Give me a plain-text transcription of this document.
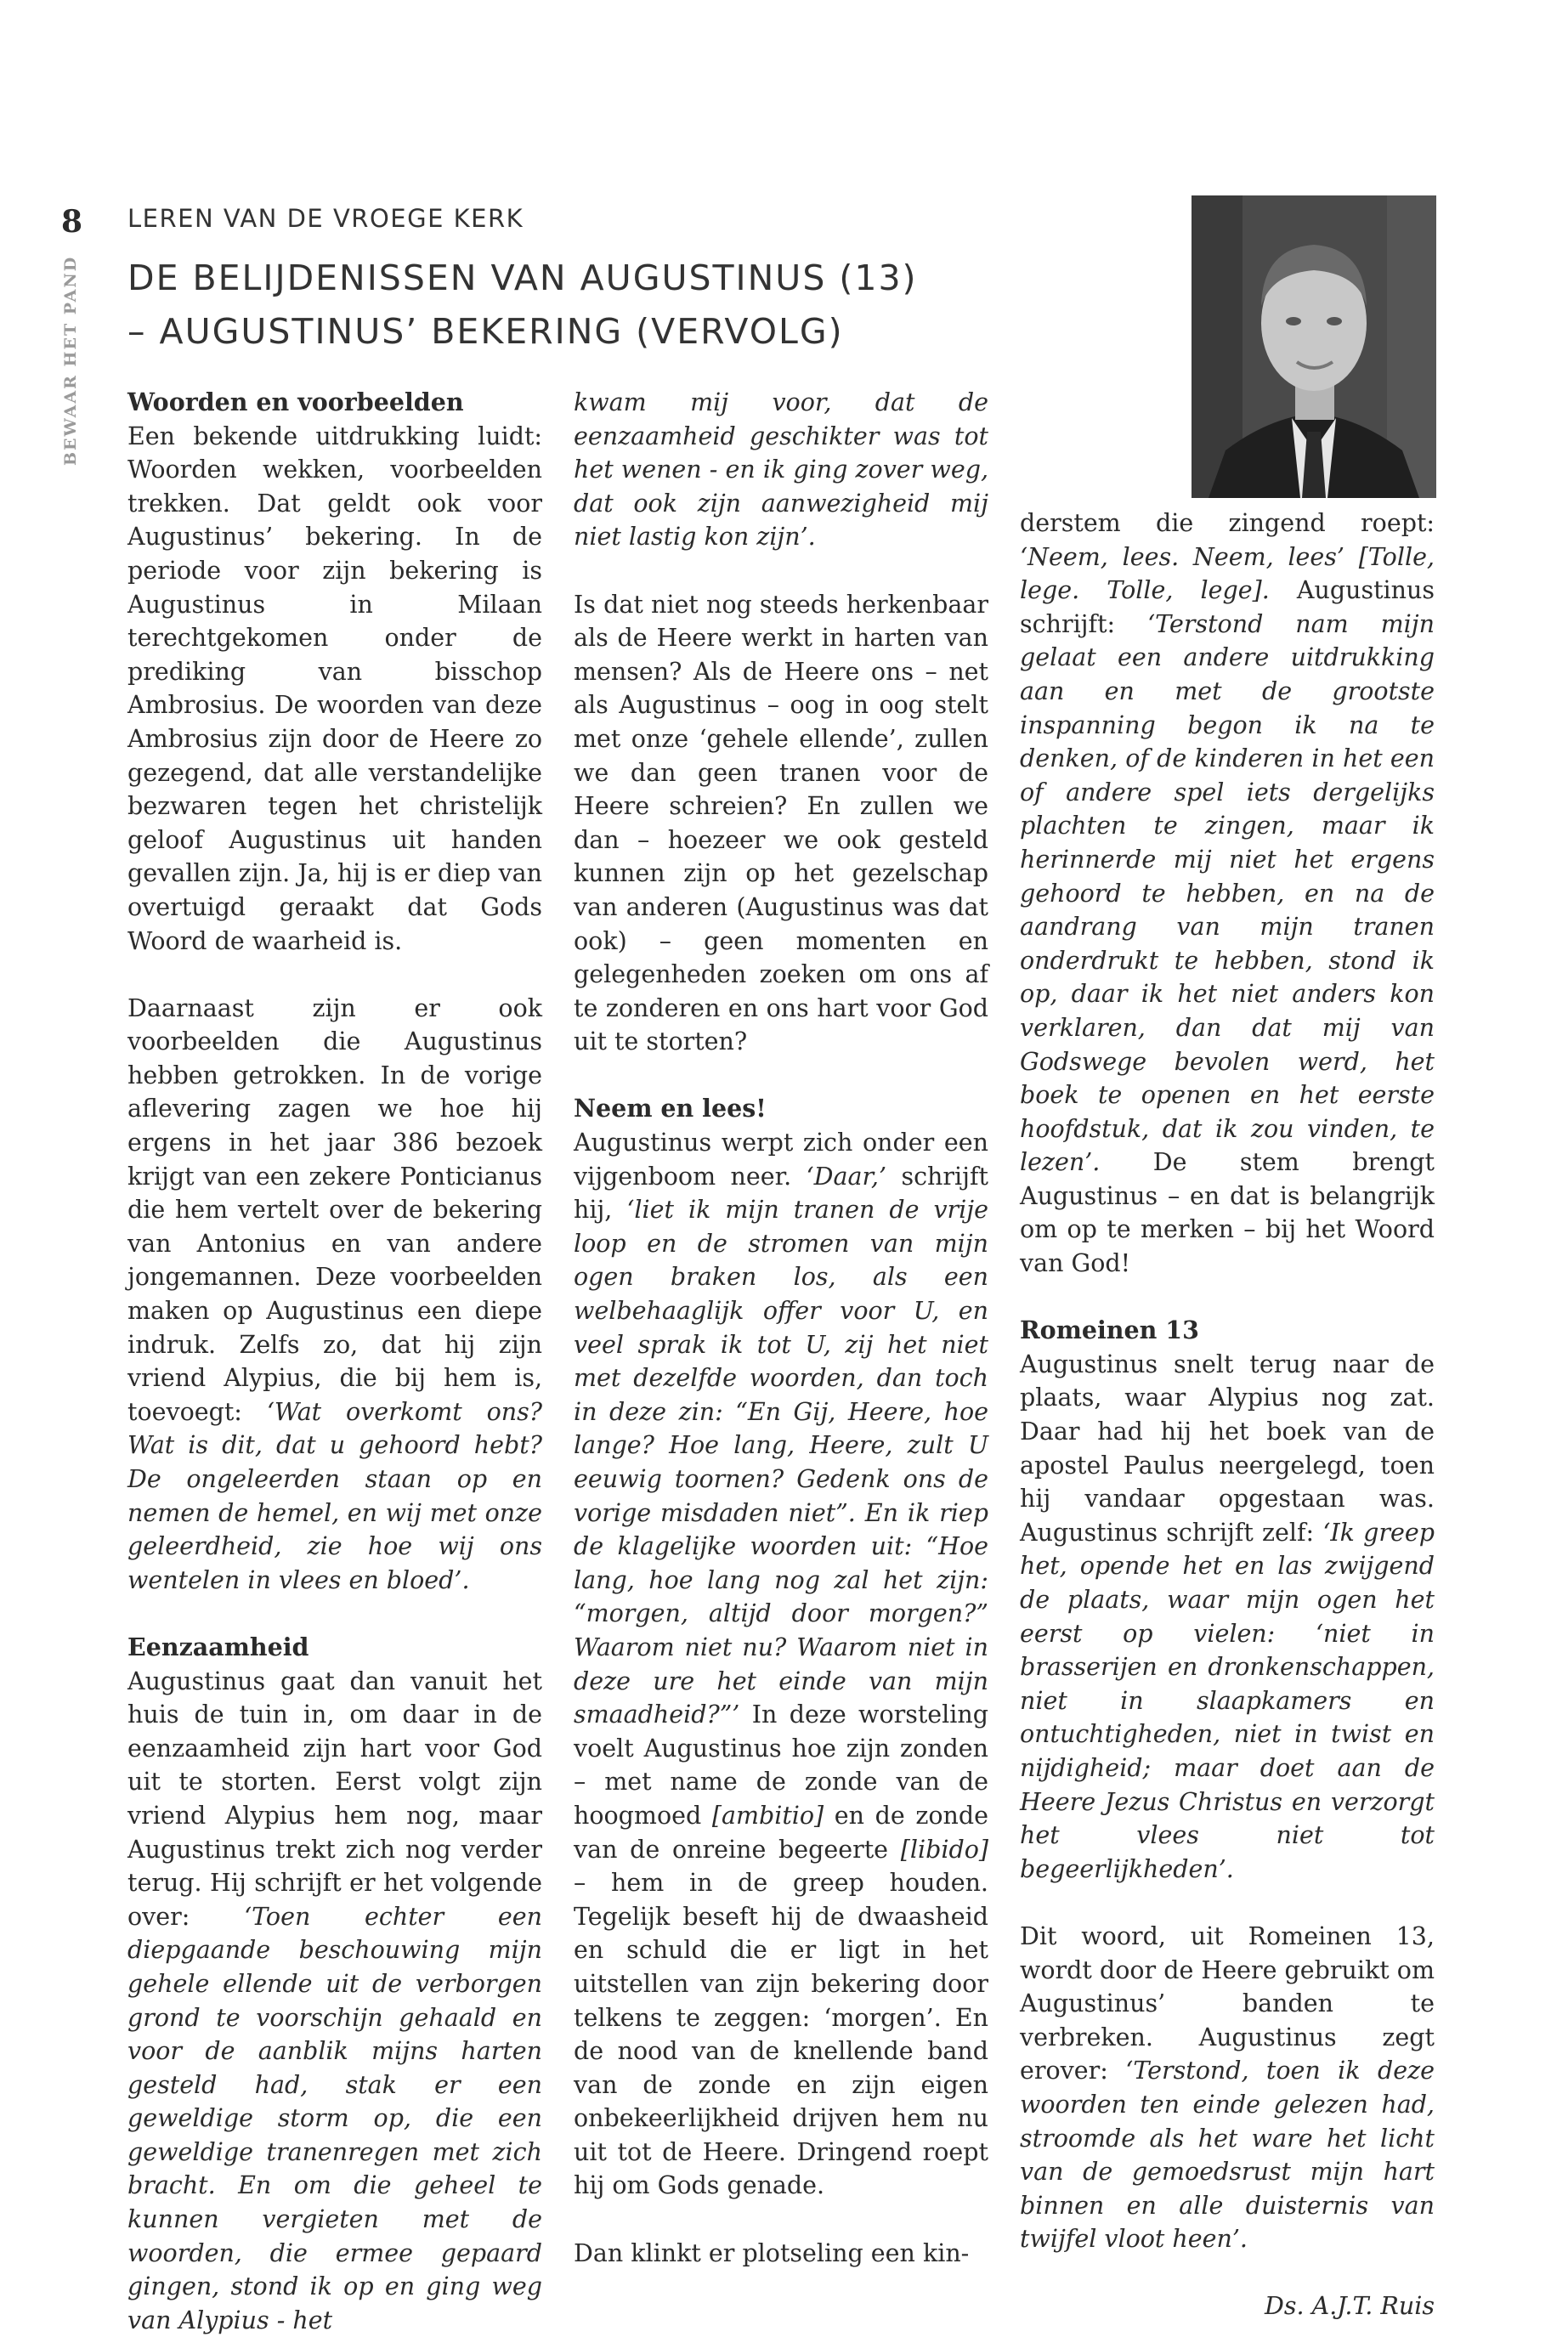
8
BEWAAR HET PAND
LEREN VAN DE VROEGE KERK
DE BELIJDENISSEN VAN AUGUSTINUS (13)
– AUGUSTINUS’ BEKERING (VERVOLG)
Woorden en voorbeelden

Een bekende uitdrukking luidt: Woorden wekken, voorbeelden trekken. Dat geldt ook voor Augustinus’ bekering. In de periode voor zijn bekering is Augustinus in Milaan terechtgekomen onder de prediking van bisschop Ambrosius. De woorden van deze Ambrosius zijn door de Heere zo gezegend, dat alle verstandelijke bezwaren tegen het christelijk geloof Augustinus uit handen gevallen zijn. Ja, hij is er diep van overtuigd geraakt dat Gods Woord de waarheid is.

Daarnaast zijn er ook voorbeelden die Augustinus hebben getrokken. In de vorige aflevering zagen we hoe hij ergens in het jaar 386 bezoek krijgt van een zekere Ponticianus die hem vertelt over de bekering van Antonius en van andere jongemannen. Deze voorbeelden maken op Augustinus een diepe indruk. Zelfs zo, dat hij zijn vriend Alypius, die bij hem is, toevoegt: ‘Wat overkomt ons? Wat is dit, dat u gehoord hebt? De ongeleerden staan op en nemen de hemel, en wij met onze geleerdheid, zie hoe wij ons wentelen in vlees en bloed’.

Eenzaamheid

Augustinus gaat dan vanuit het huis de tuin in, om daar in de eenzaamheid zijn hart voor God uit te storten. Eerst volgt zijn vriend Alypius hem nog, maar Augustinus trekt zich nog verder terug. Hij schrijft er het volgende over: ‘Toen echter een diepgaande beschouwing mijn gehele ellende uit de verborgen grond te voorschijn gehaald en voor de aanblik mijns harten gesteld had, stak er een geweldige storm op, die een geweldige tranenregen met zich bracht. En om die geheel te kunnen vergieten met de woorden, die ermee gepaard gingen, stond ik op en ging weg van Alypius - het

kwam mij voor, dat de eenzaamheid geschikter was tot het wenen - en ik ging zover weg, dat ook zijn aanwezigheid mij niet lastig kon zijn’.

Is dat niet nog steeds herkenbaar als de Heere werkt in harten van mensen? Als de Heere ons – net als Augustinus – oog in oog stelt met onze ‘gehele ellende’, zullen we dan geen tranen voor de Heere schreien? En zullen we dan – hoezeer we ook gesteld kunnen zijn op het gezelschap van anderen (Augustinus was dat ook) – geen momenten en gelegenheden zoeken om ons af te zonderen en ons hart voor God uit te storten?

Neem en lees!

Augustinus werpt zich onder een vijgenboom neer. ‘Daar,’ schrijft hij, ‘liet ik mijn tranen de vrije loop en de stromen van mijn ogen braken los, als een welbehaaglijk offer voor U, en veel sprak ik tot U, zij het niet met dezelfde woorden, dan toch in deze zin: “En Gij, Heere, hoe lange? Hoe lang, Heere, zult U eeuwig toornen? Gedenk ons de vorige misdaden niet”. En ik riep de klagelijke woorden uit: “Hoe lang, hoe lang nog zal het zijn: “morgen, altijd door morgen?” Waarom niet nu? Waarom niet in deze ure het einde van mijn smaadheid?”’ In deze worsteling voelt Augustinus hoe zijn zonden – met name de zonde van de hoogmoed [ambitio] en de zonde van de onreine begeerte [libido] – hem in de greep houden. Tegelijk beseft hij de dwaasheid en schuld die er ligt in het uitstellen van zijn bekering door telkens te zeggen: ‘morgen’. En de nood van de knellende band van de zonde en zijn eigen onbekeerlijkheid drijven hem nu uit tot de Heere. Dringend roept hij om Gods genade.

Dan klinkt er plotseling een kin-

derstem die zingend roept: ‘Neem, lees. Neem, lees’ [Tolle, lege. Tolle, lege]. Augustinus schrijft: ‘Terstond nam mijn gelaat een andere uitdrukking aan en met de grootste inspanning begon ik na te denken, of de kinderen in het een of andere spel iets dergelijks plachten te zingen, maar ik herinnerde mij niet het ergens gehoord te hebben, en na de aandrang van mijn tranen onderdrukt te hebben, stond ik op, daar ik het niet anders kon verklaren, dan dat mij van Godswege bevolen werd, het boek te openen en het eerste hoofdstuk, dat ik zou vinden, te lezen’. De stem brengt Augustinus – en dat is belangrijk om op te merken – bij het Woord van God!

Romeinen 13

Augustinus snelt terug naar de plaats, waar Alypius nog zat. Daar had hij het boek van de apostel Paulus neergelegd, toen hij vandaar opgestaan was. Augustinus schrijft zelf: ‘Ik greep het, opende het en las zwijgend de plaats, waar mijn ogen het eerst op vielen: ‘niet in brasserijen en dronkenschappen, niet in slaapkamers en ontuchtigheden, niet in twist en nijdigheid; maar doet aan de Heere Jezus Christus en verzorgt het vlees niet tot begeerlijkheden’.

Dit woord, uit Romeinen 13, wordt door de Heere gebruikt om Augustinus’ banden te verbreken. Augustinus zegt erover: ‘Terstond, toen ik deze woorden ten einde gelezen had, stroomde als het ware het licht van de gemoedsrust mijn hart binnen en alle duisternis van twijfel vloot heen’.

Ds. A.J.T. Ruis
